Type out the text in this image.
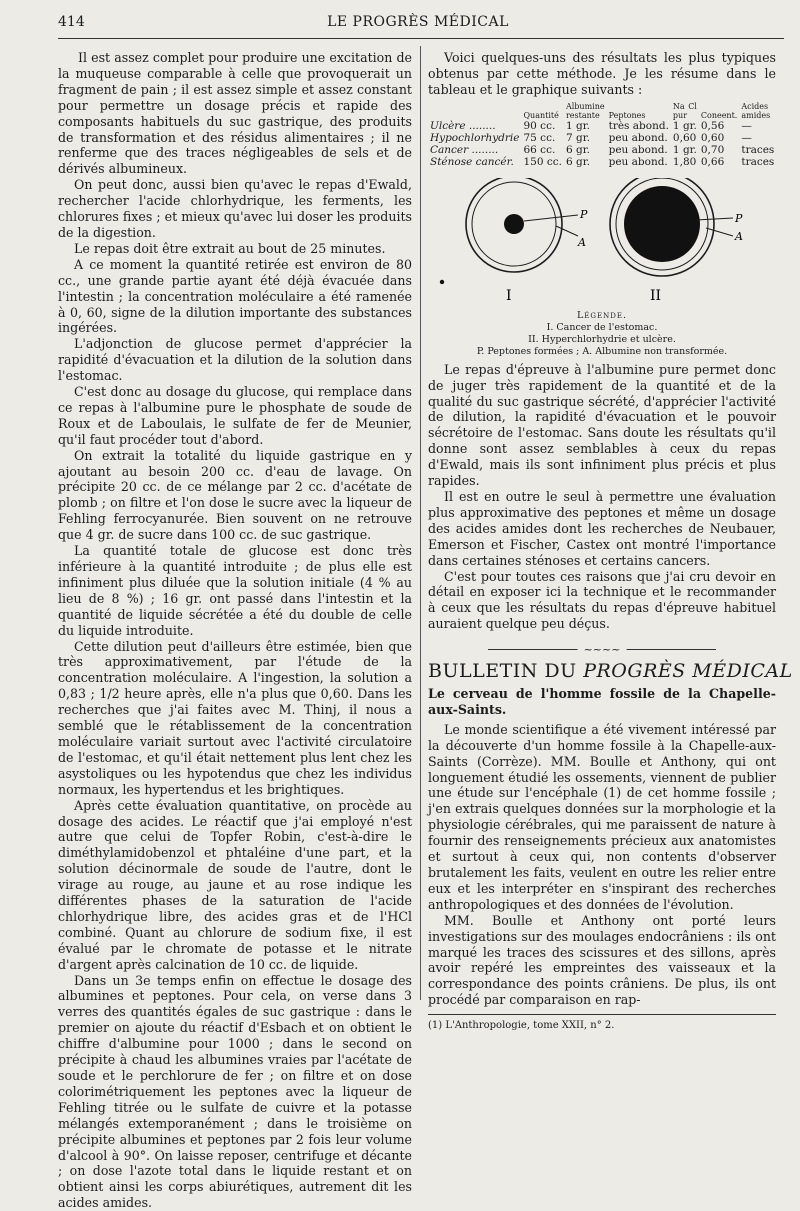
414	LE PROGRÈS MÉDICAL

Il est assez complet pour produire une excitation de la muqueuse comparable à celle que provoquerait un fragment de pain ; il est assez simple et assez constant pour permettre un dosage précis et rapide des composants habituels du suc gastrique, des produits de transformation et des résidus alimentaires ; il ne renferme que des traces négligeables de sels et de dérivés albumineux.

On peut donc, aussi bien qu'avec le repas d'Ewald, rechercher l'acide chlorhydrique, les ferments, les chlorures fixes ; et mieux qu'avec lui doser les produits de la digestion.

Le repas doit être extrait au bout de 25 minutes.

A ce moment la quantité retirée est environ de 80 cc., une grande partie ayant été déjà évacuée dans l'intestin ; la concentration moléculaire a été ramenée à 0, 60, signe de la dilution importante des substances ingérées.

L'adjonction de glucose permet d'apprécier la rapidité d'évacuation et la dilution de la solution dans l'estomac.

C'est donc au dosage du glucose, qui remplace dans ce repas à l'albumine pure le phosphate de soude de Roux et de Laboulais, le sulfate de fer de Meunier, qu'il faut procéder tout d'abord.

On extrait la totalité du liquide gastrique en y ajoutant au besoin 200 cc. d'eau de lavage. On précipite 20 cc. de ce mélange par 2 cc. d'acétate de plomb ; on filtre et l'on dose le sucre avec la liqueur de Fehling ferrocyanurée. Bien souvent on ne retrouve que 4 gr. de sucre dans 100 cc. de suc gastrique.

La quantité totale de glucose est donc très inférieure à la quantité introduite ; de plus elle est infiniment plus diluée que la solution initiale (4 % au lieu de 8 %) ; 16 gr. ont passé dans l'intestin et la quantité de liquide sécrétée a été du double de celle du liquide introduite.

Cette dilution peut d'ailleurs être estimée, bien que très approximativement, par l'étude de la concentration moléculaire. A l'ingestion, la solution a 0,83 ; 1/2 heure après, elle n'a plus que 0,60. Dans les recherches que j'ai faites avec M. Thinj, il nous a semblé que le rétablissement de la concentration moléculaire variait surtout avec l'activité circulatoire de l'estomac, et qu'il était nettement plus lent chez les asystoliques ou les hypotendus que chez les individus normaux, les hypertendus et les brightiques.

Après cette évaluation quantitative, on procède au dosage des acides. Le réactif que j'ai employé n'est autre que celui de Topfer Robin, c'est-à-dire le diméthylamidobenzol et phtaléine d'une part, et la solution décinormale de soude de l'autre, dont le virage au rouge, au jaune et au rose indique les différentes phases de la saturation de l'acide chlorhydrique libre, des acides gras et de l'HCl combiné. Quant au chlorure de sodium fixe, il est évalué par le chromate de potasse et le nitrate d'argent après calcination de 10 cc. de liquide.

Dans un 3e temps enfin on effectue le dosage des albumines et peptones. Pour cela, on verse dans 3 verres des quantités égales de suc gastrique : dans le premier on ajoute du réactif d'Esbach et on obtient le chiffre d'albumine pour 1000 ; dans le second on précipite à chaud les albumines vraies par l'acétate de soude et le perchlorure de fer ; on filtre et on dose colorimétriquement les peptones avec la liqueur de Fehling titrée ou le sulfate de cuivre et la potasse mélangés extemporanément ; dans le troisième on précipite albumines et peptones par 2 fois leur volume d'alcool à 90°. On laisse reposer, centrifuge et décante ; on dose l'azote total dans le liquide restant et on obtient ainsi les corps abiurétiques, autrement dit les acides amides.

Voici quelques-uns des résultats les plus typiques obtenus par cette méthode. Je les résume dans le tableau et le graphique suivants :

	Quantité	Albumine restante	Peptones	Na Cl pur	Coneent.	Acides amides
Ulcère ........	90 cc.	1 gr.	très abond.	1 gr.	0,56	—
Hypochlorhydrie	75 cc.	7 gr.	peu abond.	0,60	0,60	—
Cancer ........	66 cc.	6 gr.	peu abond.	1 gr.	0,70	traces
Sténose cancér.	150 cc.	6 gr.	peu abond.	1,80	0,66	traces
P
A
I
P
A
II
Légende.
I. Cancer de l'estomac.
II. Hyperchlorhydrie et ulcère.
P. Peptones formées ; A. Albumine non transformée.

Le repas d'épreuve à l'albumine pure permet donc de juger très rapidement de la quantité et de la qualité du suc gastrique sécrété, d'apprécier l'activité de dilution, la rapidité d'évacuation et le pouvoir sécrétoire de l'estomac. Sans doute les résultats qu'il donne sont assez semblables à ceux du repas d'Ewald, mais ils sont infiniment plus précis et plus rapides.

Il est en outre le seul à permettre une évaluation plus approximative des peptones et même un dosage des acides amides dont les recherches de Neubauer, Emerson et Fischer, Castex ont montré l'importance dans certaines sténoses et certains cancers.

C'est pour toutes ces raisons que j'ai cru devoir en détail en exposer ici la technique et le recommander à ceux que les résultats du repas d'épreuve habituel auraient quelque peu déçus.

~~~~
BULLETIN DU PROGRÈS MÉDICAL
Le cerveau de l'homme fossile de la Chapelle-aux-Saints.

Le monde scientifique a été vivement intéressé par la découverte d'un homme fossile à la Chapelle-aux-Saints (Corrèze). MM. Boulle et Anthony, qui ont longuement étudié les ossements, viennent de publier une étude sur l'encéphale (1) de cet homme fossile ; j'en extrais quelques données sur la morphologie et la physiologie cérébrales, qui me paraissent de nature à fournir des renseignements précieux aux anatomistes et surtout à ceux qui, non contents d'observer brutalement les faits, veulent en outre les relier entre eux et les interpréter en s'inspirant des recherches anthropologiques et des données de l'évolution.

MM. Boulle et Anthony ont porté leurs investigations sur des moulages endocrâniens : ils ont marqué les traces des scissures et des sillons, après avoir repéré les empreintes des vaisseaux et la correspondance des points crâniens. De plus, ils ont procédé par comparaison en rap-

(1) L'Anthropologie, tome XXII, n° 2.
